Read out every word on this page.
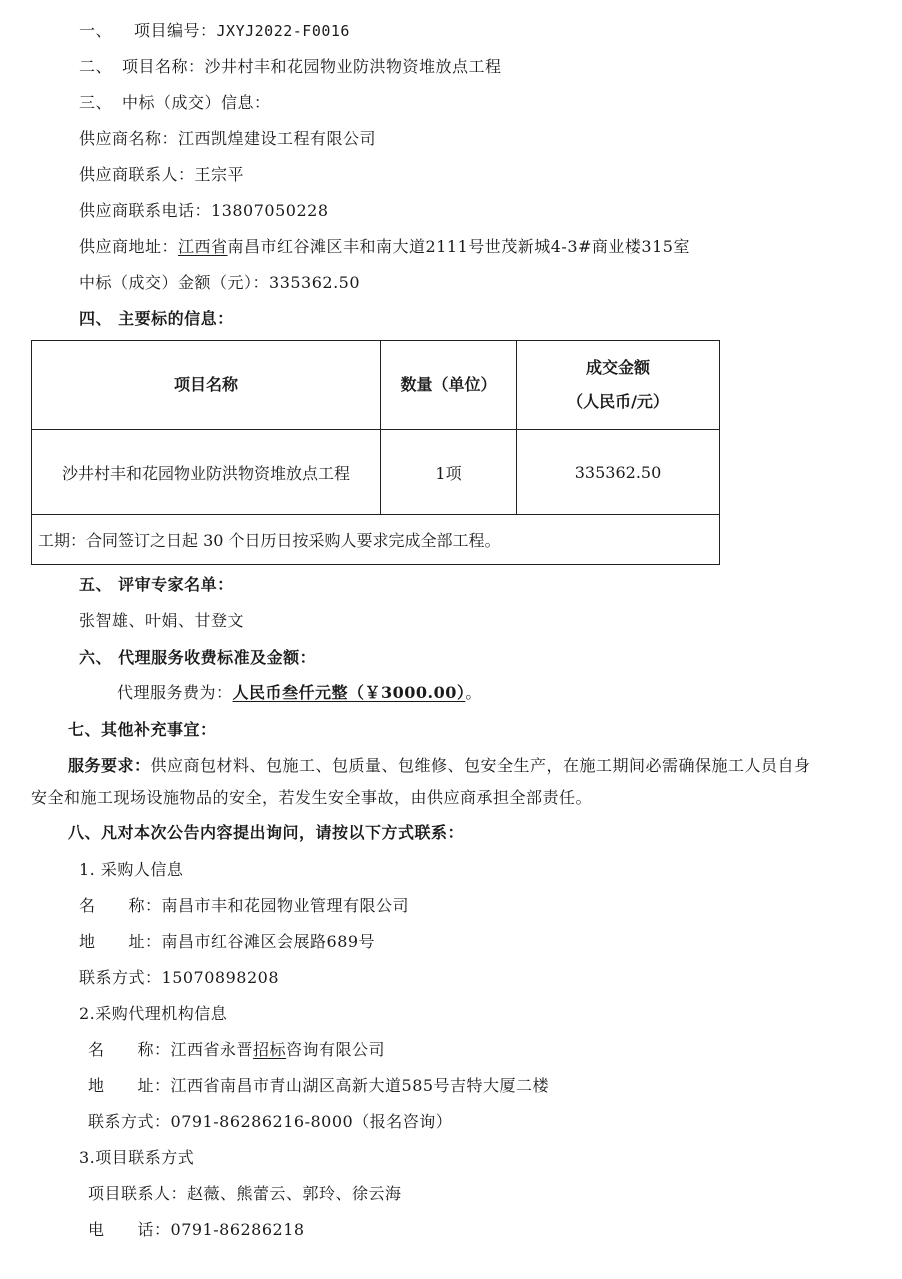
一、 项目编号：JXYJ2022-F0016
二、 项目名称：沙井村丰和花园物业防洪物资堆放点工程
三、 中标（成交）信息：
供应商名称：江西凯煌建设工程有限公司
供应商联系人：王宗平
供应商联系电话：13807050228
供应商地址：江西省南昌市红谷滩区丰和南大道2111号世茂新城4-3#商业楼315室
中标（成交）金额（元）：335362.50
四、 主要标的信息：
项目名称	数量（单位）	成交金额
（人民币/元）

沙井村丰和花园物业防洪物资堆放点工程	1项	335362.50
工期：合同签订之日起 30 个日历日按采购人要求完成全部工程。		
五、 评审专家名单：
张智雄、叶娟、甘登文
六、 代理服务收费标准及金额：
代理服务费为：人民币叁仟元整（￥3000.00）。
七、其他补充事宜：
服务要求：供应商包材料、包施工、包质量、包维修、包安全生产，在施工期间必需确保施工人员自身
安全和施工现场设施物品的安全，若发生安全事故，由供应商承担全部责任。
八、凡对本次公告内容提出询问，请按以下方式联系：
1. 采购人信息
名　　称：南昌市丰和花园物业管理有限公司
地　　址：南昌市红谷滩区会展路689号
联系方式：15070898208
2.采购代理机构信息
名　　称：江西省永晋招标咨询有限公司
地　　址：江西省南昌市青山湖区高新大道585号吉特大厦二楼
联系方式：0791-86286216-8000（报名咨询）
3.项目联系方式
项目联系人：赵薇、熊蕾云、郭玲、徐云海
电　　话：0791-86286218
